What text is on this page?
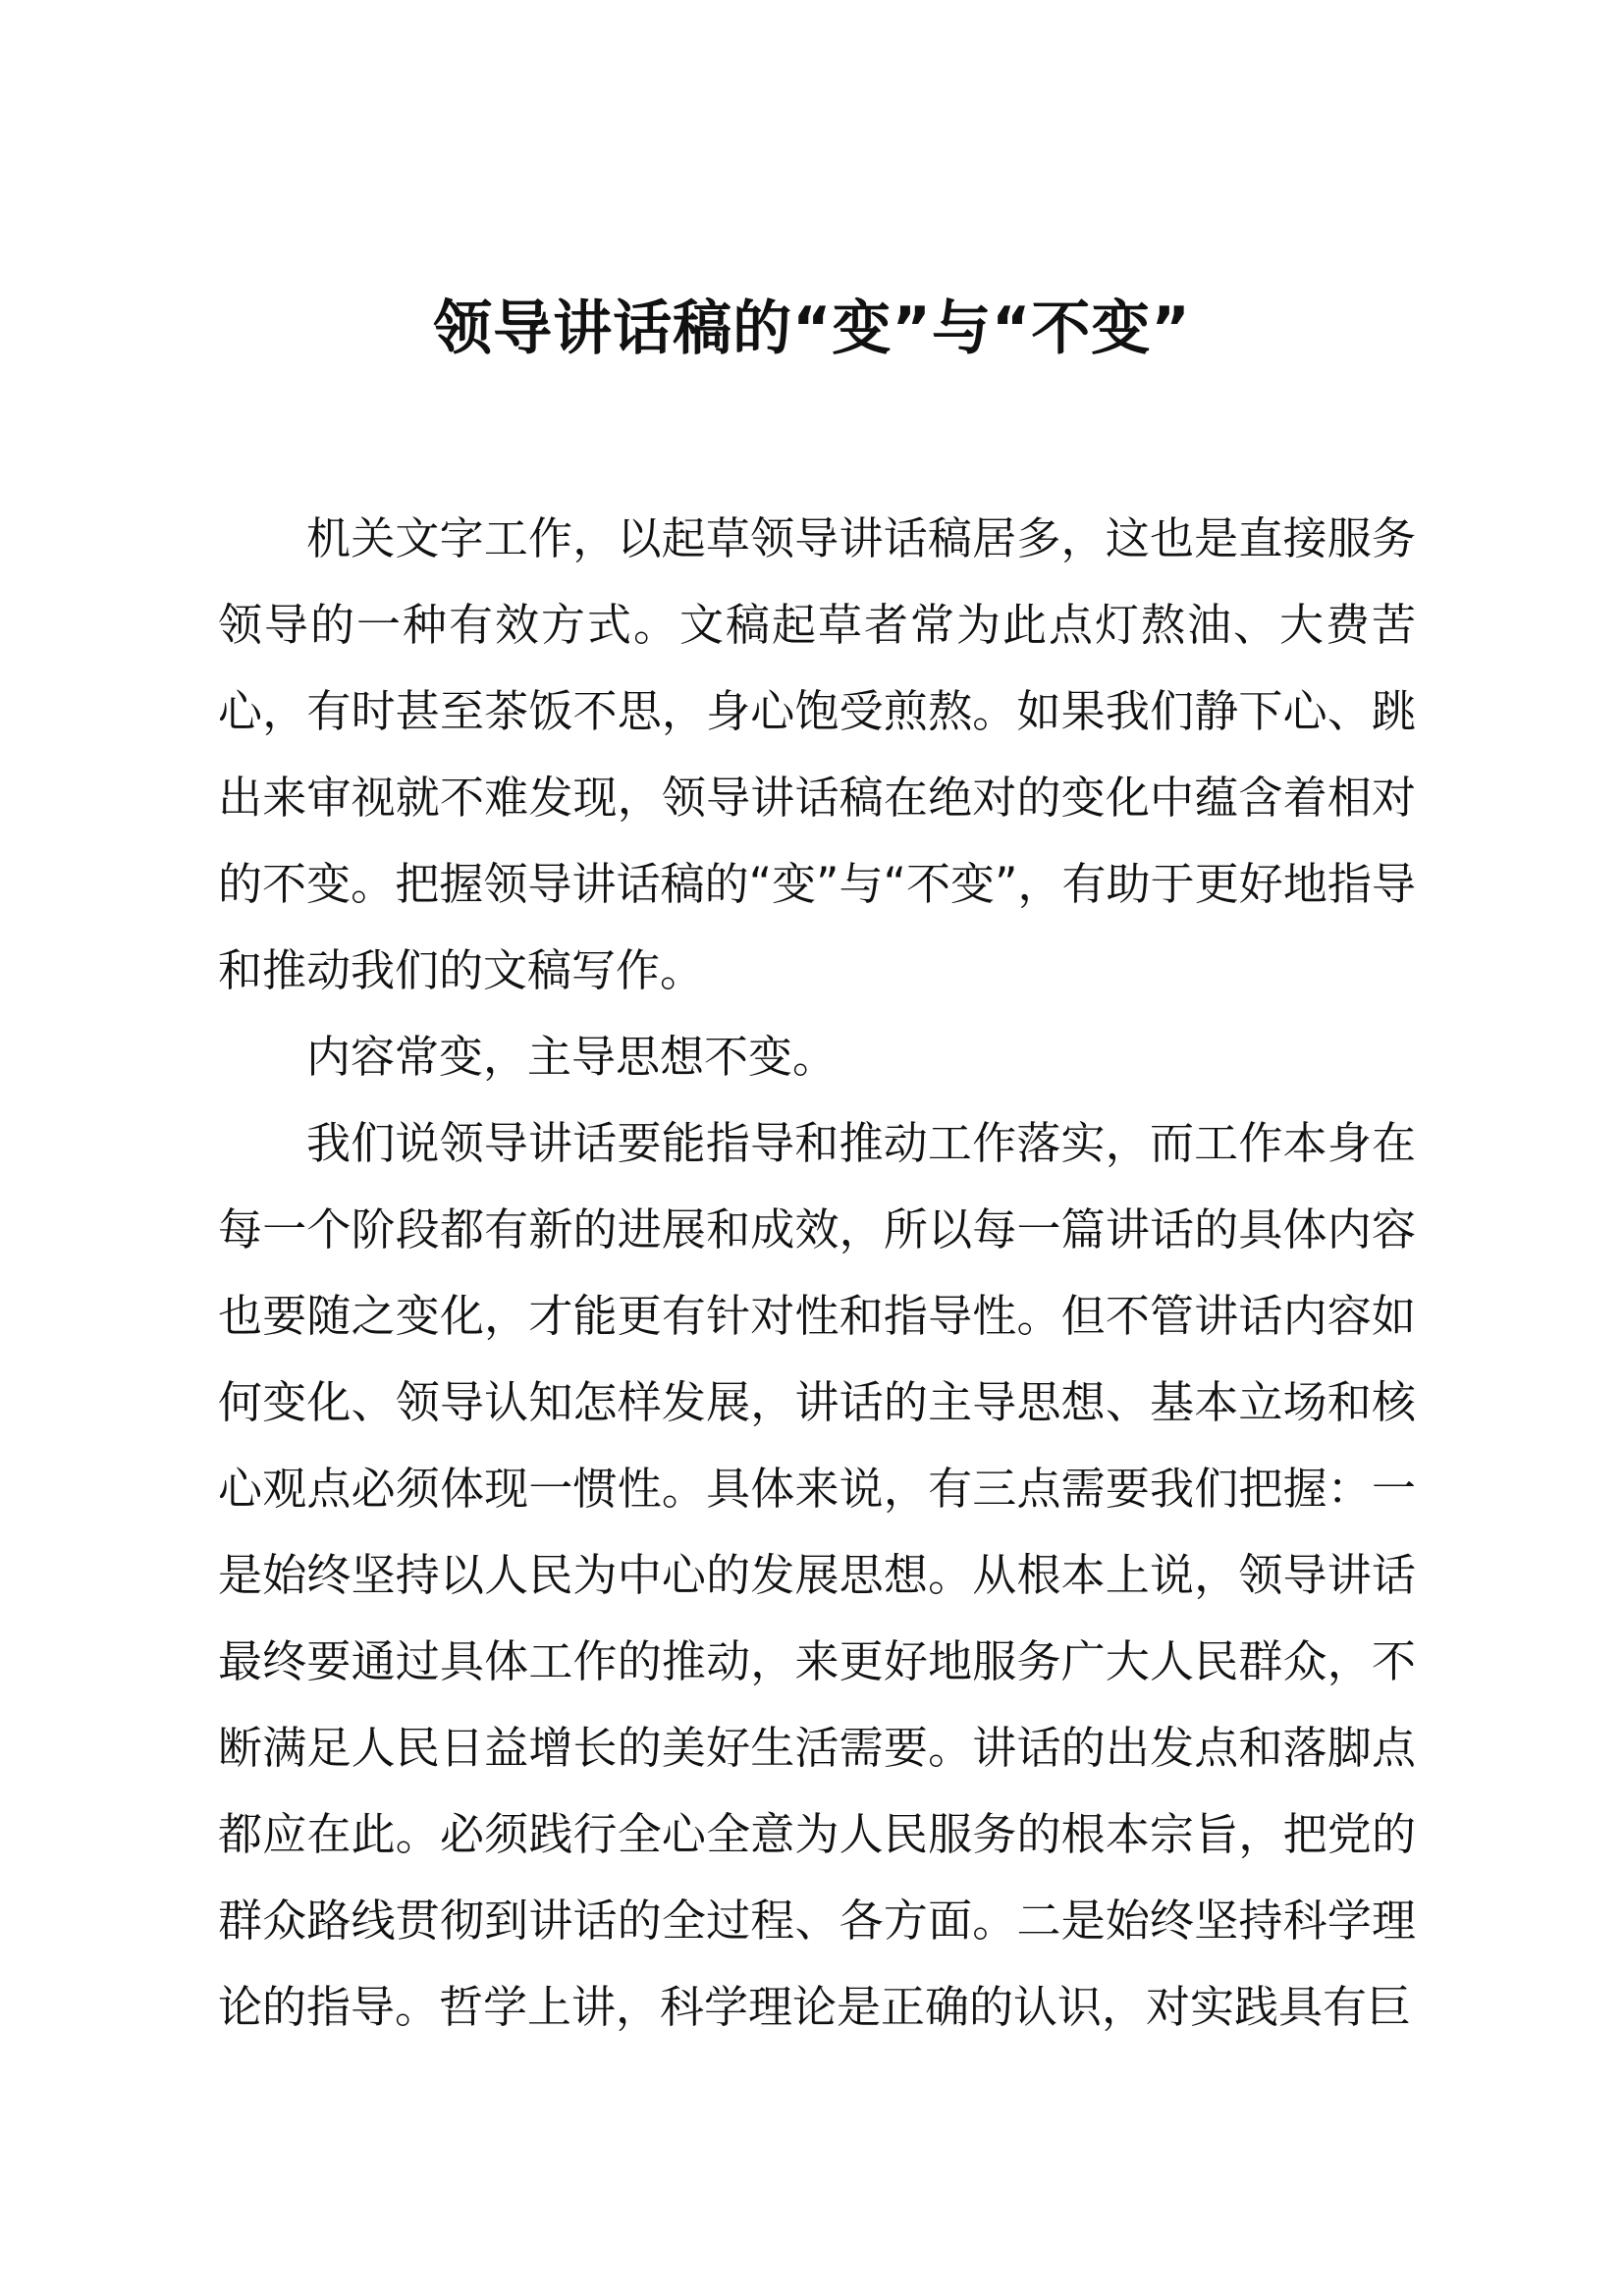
领导讲话稿的“变”与“不变”

机关文字工作，以起草领导讲话稿居多，这也是直接服务领导的一种有效方式。文稿起草者常为此点灯熬油、大费苦心，有时甚至茶饭不思，身心饱受煎熬。如果我们静下心、跳出来审视就不难发现，领导讲话稿在绝对的变化中蕴含着相对的不变。把握领导讲话稿的“变”与“不变”，有助于更好地指导和推动我们的文稿写作。

内容常变，主导思想不变。

我们说领导讲话要能指导和推动工作落实，而工作本身在每一个阶段都有新的进展和成效，所以每一篇讲话的具体内容也要随之变化，才能更有针对性和指导性。但不管讲话内容如何变化、领导认知怎样发展，讲话的主导思想、基本立场和核心观点必须体现一惯性。具体来说，有三点需要我们把握：一是始终坚持以人民为中心的发展思想。从根本上说，领导讲话最终要通过具体工作的推动，来更好地服务广大人民群众，不断满足人民日益增长的美好生活需要。讲话的出发点和落脚点都应在此。必须践行全心全意为人民服务的根本宗旨，把党的群众路线贯彻到讲话的全过程、各方面。二是始终坚持科学理论的指导。哲学上讲，科学理论是正确的认识，对实践具有巨
